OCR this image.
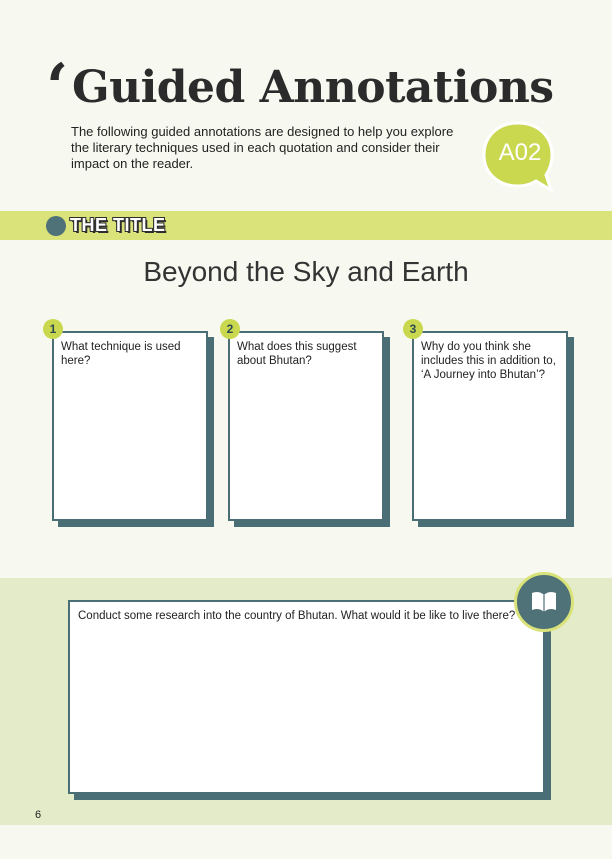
‘ Guided Annotations

The following guided annotations are designed to help you explore the literary techniques used in each quotation and consider their impact on the reader.	A02
THE TITLE
Beyond the Sky and Earth

What technique is used here?

1

What does this suggest about Bhutan?

2

Why do you think she includes this in addition to, ‘A Journey into Bhutan’?

3

Conduct some research into the country of Bhutan. What would it be like to live there?

6
